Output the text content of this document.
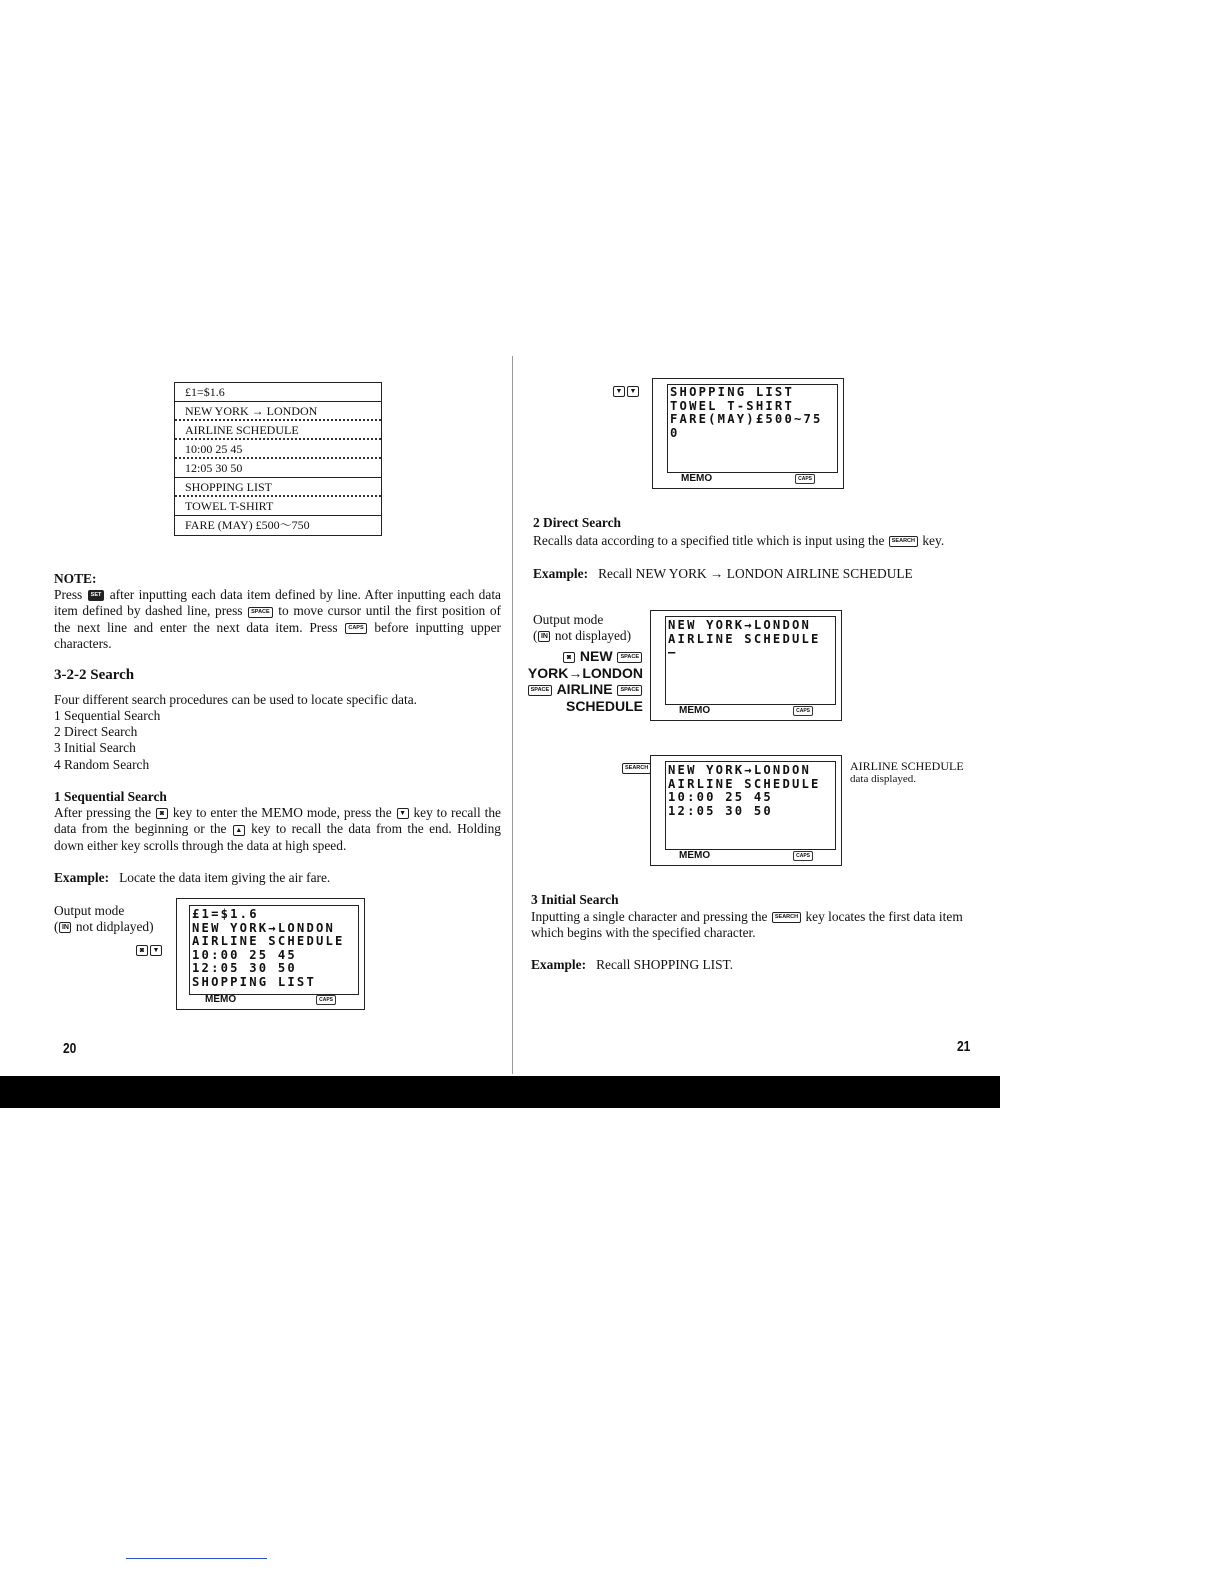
£1=$1.6
NEW YORK → LONDON
AIRLINE SCHEDULE
10:00 25 45
12:05 30 50
SHOPPING LIST
TOWEL T-SHIRT
FARE (MAY) £500～750
NOTE:
Press SET after inputting each data item defined by line. After inputting each data item defined by dashed line, press SPACE to move cursor until the first position of the next line and enter the next data item. Press CAPS before inputting upper characters.
3-2-2 Search
Four different search procedures can be used to locate specific data.
1 Sequential Search
2 Direct Search
3 Initial Search
4 Random Search
1 Sequential Search
After pressing the ◙ key to enter the MEMO mode, press the ▼ key to recall the data from the beginning or the ▲ key to recall the data from the end. Holding down either key scrolls through the data at high speed.
Example: Locate the data item giving the air fare.
Output mode
( IN not didplayed)
◙ ▼
£1=$1.6
NEW YORK→LONDON
AIRLINE SCHEDULE
10:00 25 45
12:05 30 50
SHOPPING LIST
MEMO	CAPS
20
▼ ▼	SHOPPING LIST
TOWEL T-SHIRT
FARE(MAY)£500~75
0
MEMO	CAPS
2 Direct Search
Recalls data according to a specified title which is input using the SEARCH key.
Example: Recall NEW YORK → LONDON AIRLINE SCHEDULE
Output mode
( IN not displayed)
◙ NEW SPACE
YORK→LONDON
SPACE AIRLINE SPACE
SCHEDULE
NEW YORK→LONDON
AIRLINE SCHEDULE
–
MEMO	CAPS
SEARCH	NEW YORK→LONDON
AIRLINE SCHEDULE
10:00 25 45
12:05 30 50
MEMO	CAPS
AIRLINE SCHEDULE
data displayed.
3 Initial Search
Inputting a single character and pressing the SEARCH key locates the first data item which begins with the specified character.
Example: Recall SHOPPING LIST.
21
